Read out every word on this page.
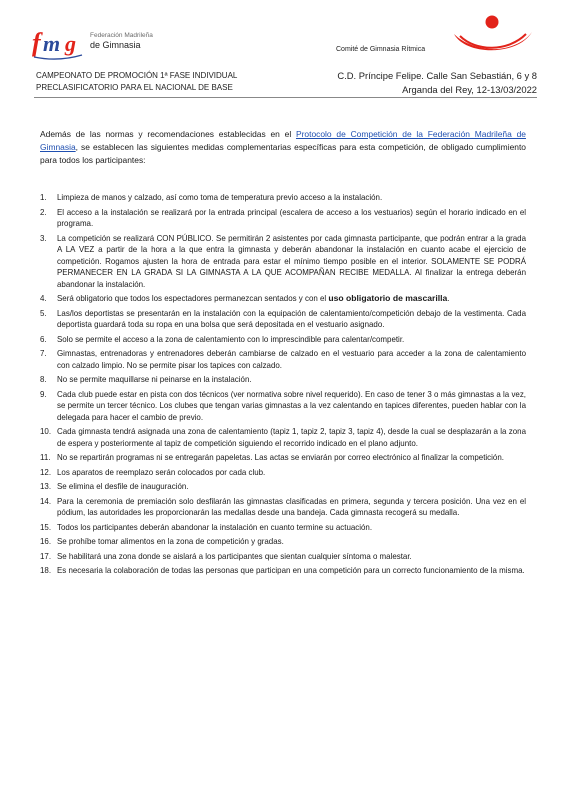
f m g Federación Madrileña
de Gimnasia	Comité de Gimnasia Rítmica
CAMPEONATO DE PROMOCIÓN 1ª FASE INDIVIDUAL
PRECLASIFICATORIO PARA EL NACIONAL DE BASE
C.D. Príncipe Felipe. Calle San Sebastián, 6 y 8
Arganda del Rey, 12-13/03/2022

Además de las normas y recomendaciones establecidas en el Protocolo de Competición de la Federación Madrileña de Gimnasia, se establecen las siguientes medidas complementarias específicas para esta competición, de obligado cumplimiento para todos los participantes:

1. Limpieza de manos y calzado, así como toma de temperatura previo acceso a la instalación.
2. El acceso a la instalación se realizará por la entrada principal (escalera de acceso a los vestuarios) según el horario indicado en el programa.
3. La competición se realizará CON PÚBLICO. Se permitirán 2 asistentes por cada gimnasta participante, que podrán entrar a la grada A LA VEZ a partir de la hora a la que entra la gimnasta y deberán abandonar la instalación en cuanto acabe el ejercicio de competición. Rogamos ajusten la hora de entrada para estar el mínimo tiempo posible en el interior. SOLAMENTE SE PODRÁ PERMANECER EN LA GRADA SI LA GIMNASTA A LA QUE ACOMPAÑAN RECIBE MEDALLA. Al finalizar la entrega deberán abandonar la instalación.
4. Será obligatorio que todos los espectadores permanezcan sentados y con el uso obligatorio de mascarilla.
5. Las/los deportistas se presentarán en la instalación con la equipación de calentamiento/competición debajo de la vestimenta. Cada deportista guardará toda su ropa en una bolsa que será depositada en el vestuario asignado.
6. Solo se permite el acceso a la zona de calentamiento con lo imprescindible para calentar/competir.
7. Gimnastas, entrenadoras y entrenadores deberán cambiarse de calzado en el vestuario para acceder a la zona de calentamiento con calzado limpio. No se permite pisar los tapices con calzado.
8. No se permite maquillarse ni peinarse en la instalación.
9. Cada club puede estar en pista con dos técnicos (ver normativa sobre nivel requerido). En caso de tener 3 o más gimnastas a la vez, se permite un tercer técnico. Los clubes que tengan varias gimnastas a la vez calentando en tapices diferentes, pueden hablar con la delegada para hacer el cambio de previo.
10. Cada gimnasta tendrá asignada una zona de calentamiento (tapiz 1, tapiz 2, tapiz 3, tapiz 4), desde la cual se desplazarán a la zona de espera y posteriormente al tapiz de competición siguiendo el recorrido indicado en el plano adjunto.
11. No se repartirán programas ni se entregarán papeletas. Las actas se enviarán por correo electrónico al finalizar la competición.
12. Los aparatos de reemplazo serán colocados por cada club.
13. Se elimina el desfile de inauguración.
14. Para la ceremonia de premiación solo desfilarán las gimnastas clasificadas en primera, segunda y tercera posición. Una vez en el pódium, las autoridades les proporcionarán las medallas desde una bandeja. Cada gimnasta recogerá su medalla.
15. Todos los participantes deberán abandonar la instalación en cuanto termine su actuación.
16. Se prohíbe tomar alimentos en la zona de competición y gradas.
17. Se habilitará una zona donde se aislará a los participantes que sientan cualquier síntoma o malestar.
18. Es necesaria la colaboración de todas las personas que participan en una competición para un correcto funcionamiento de la misma.
